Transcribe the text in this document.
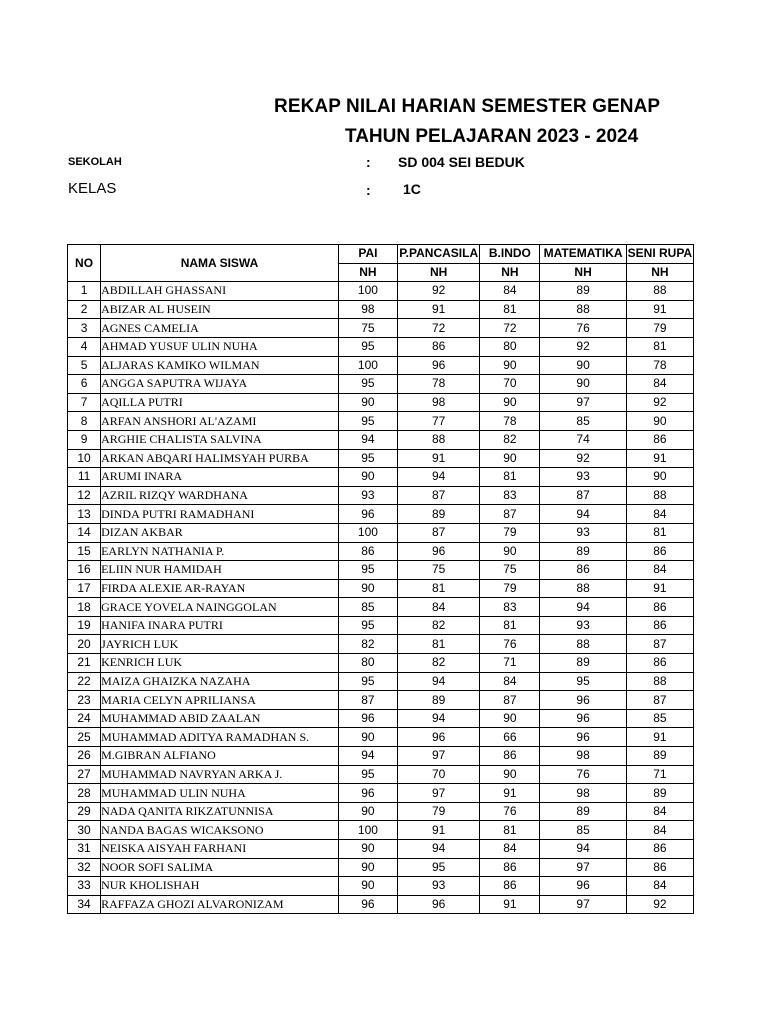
REKAP NILAI HARIAN SEMESTER GENAP
TAHUN PELAJARAN 2023 - 2024
SEKOLAH	: SD 004 SEI BEDUK
KELAS	: 1C
NO	NAMA SISWA	PAI	P.PANCASILA	B.INDO	MATEMATIKA	SENI RUPA
		NH	NH	NH	NH	NH
1	ABDILLAH GHASSANI	100	92	84	89	88
2	ABIZAR AL HUSEIN	98	91	81	88	91
3	AGNES CAMELIA	75	72	72	76	79
4	AHMAD YUSUF ULIN NUHA	95	86	80	92	81
5	ALJARAS KAMIKO WILMAN	100	96	90	90	78
6	ANGGA SAPUTRA WIJAYA	95	78	70	90	84
7	AQILLA PUTRI	90	98	90	97	92
8	ARFAN ANSHORI AL'AZAMI	95	77	78	85	90
9	ARGHIE CHALISTA SALVINA	94	88	82	74	86
10	ARKAN ABQARI HALIMSYAH PURBA	95	91	90	92	91
11	ARUMI INARA	90	94	81	93	90
12	AZRIL RIZQY WARDHANA	93	87	83	87	88
13	DINDA PUTRI RAMADHANI	96	89	87	94	84
14	DIZAN AKBAR	100	87	79	93	81
15	EARLYN NATHANIA P.	86	96	90	89	86
16	ELIIN NUR HAMIDAH	95	75	75	86	84
17	FIRDA ALEXIE AR-RAYAN	90	81	79	88	91
18	GRACE YOVELA NAINGGOLAN	85	84	83	94	86
19	HANIFA INARA PUTRI	95	82	81	93	86
20	JAYRICH LUK	82	81	76	88	87
21	KENRICH LUK	80	82	71	89	86
22	MAIZA GHAIZKA NAZAHA	95	94	84	95	88
23	MARIA CELYN APRILIANSA	87	89	87	96	87
24	MUHAMMAD ABID ZAALAN	96	94	90	96	85
25	MUHAMMAD ADITYA RAMADHAN S.	90	96	66	96	91
26	M.GIBRAN ALFIANO	94	97	86	98	89
27	MUHAMMAD NAVRYAN ARKA J.	95	70	90	76	71
28	MUHAMMAD ULIN NUHA	96	97	91	98	89
29	NADA QANITA RIKZATUNNISA	90	79	76	89	84
30	NANDA BAGAS WICAKSONO	100	91	81	85	84
31	NEISKA AISYAH FARHANI	90	94	84	94	86
32	NOOR SOFI SALIMA	90	95	86	97	86
33	NUR KHOLISHAH	90	93	86	96	84
34	RAFFAZA GHOZI ALVARONIZAM	96	96	91	97	92
